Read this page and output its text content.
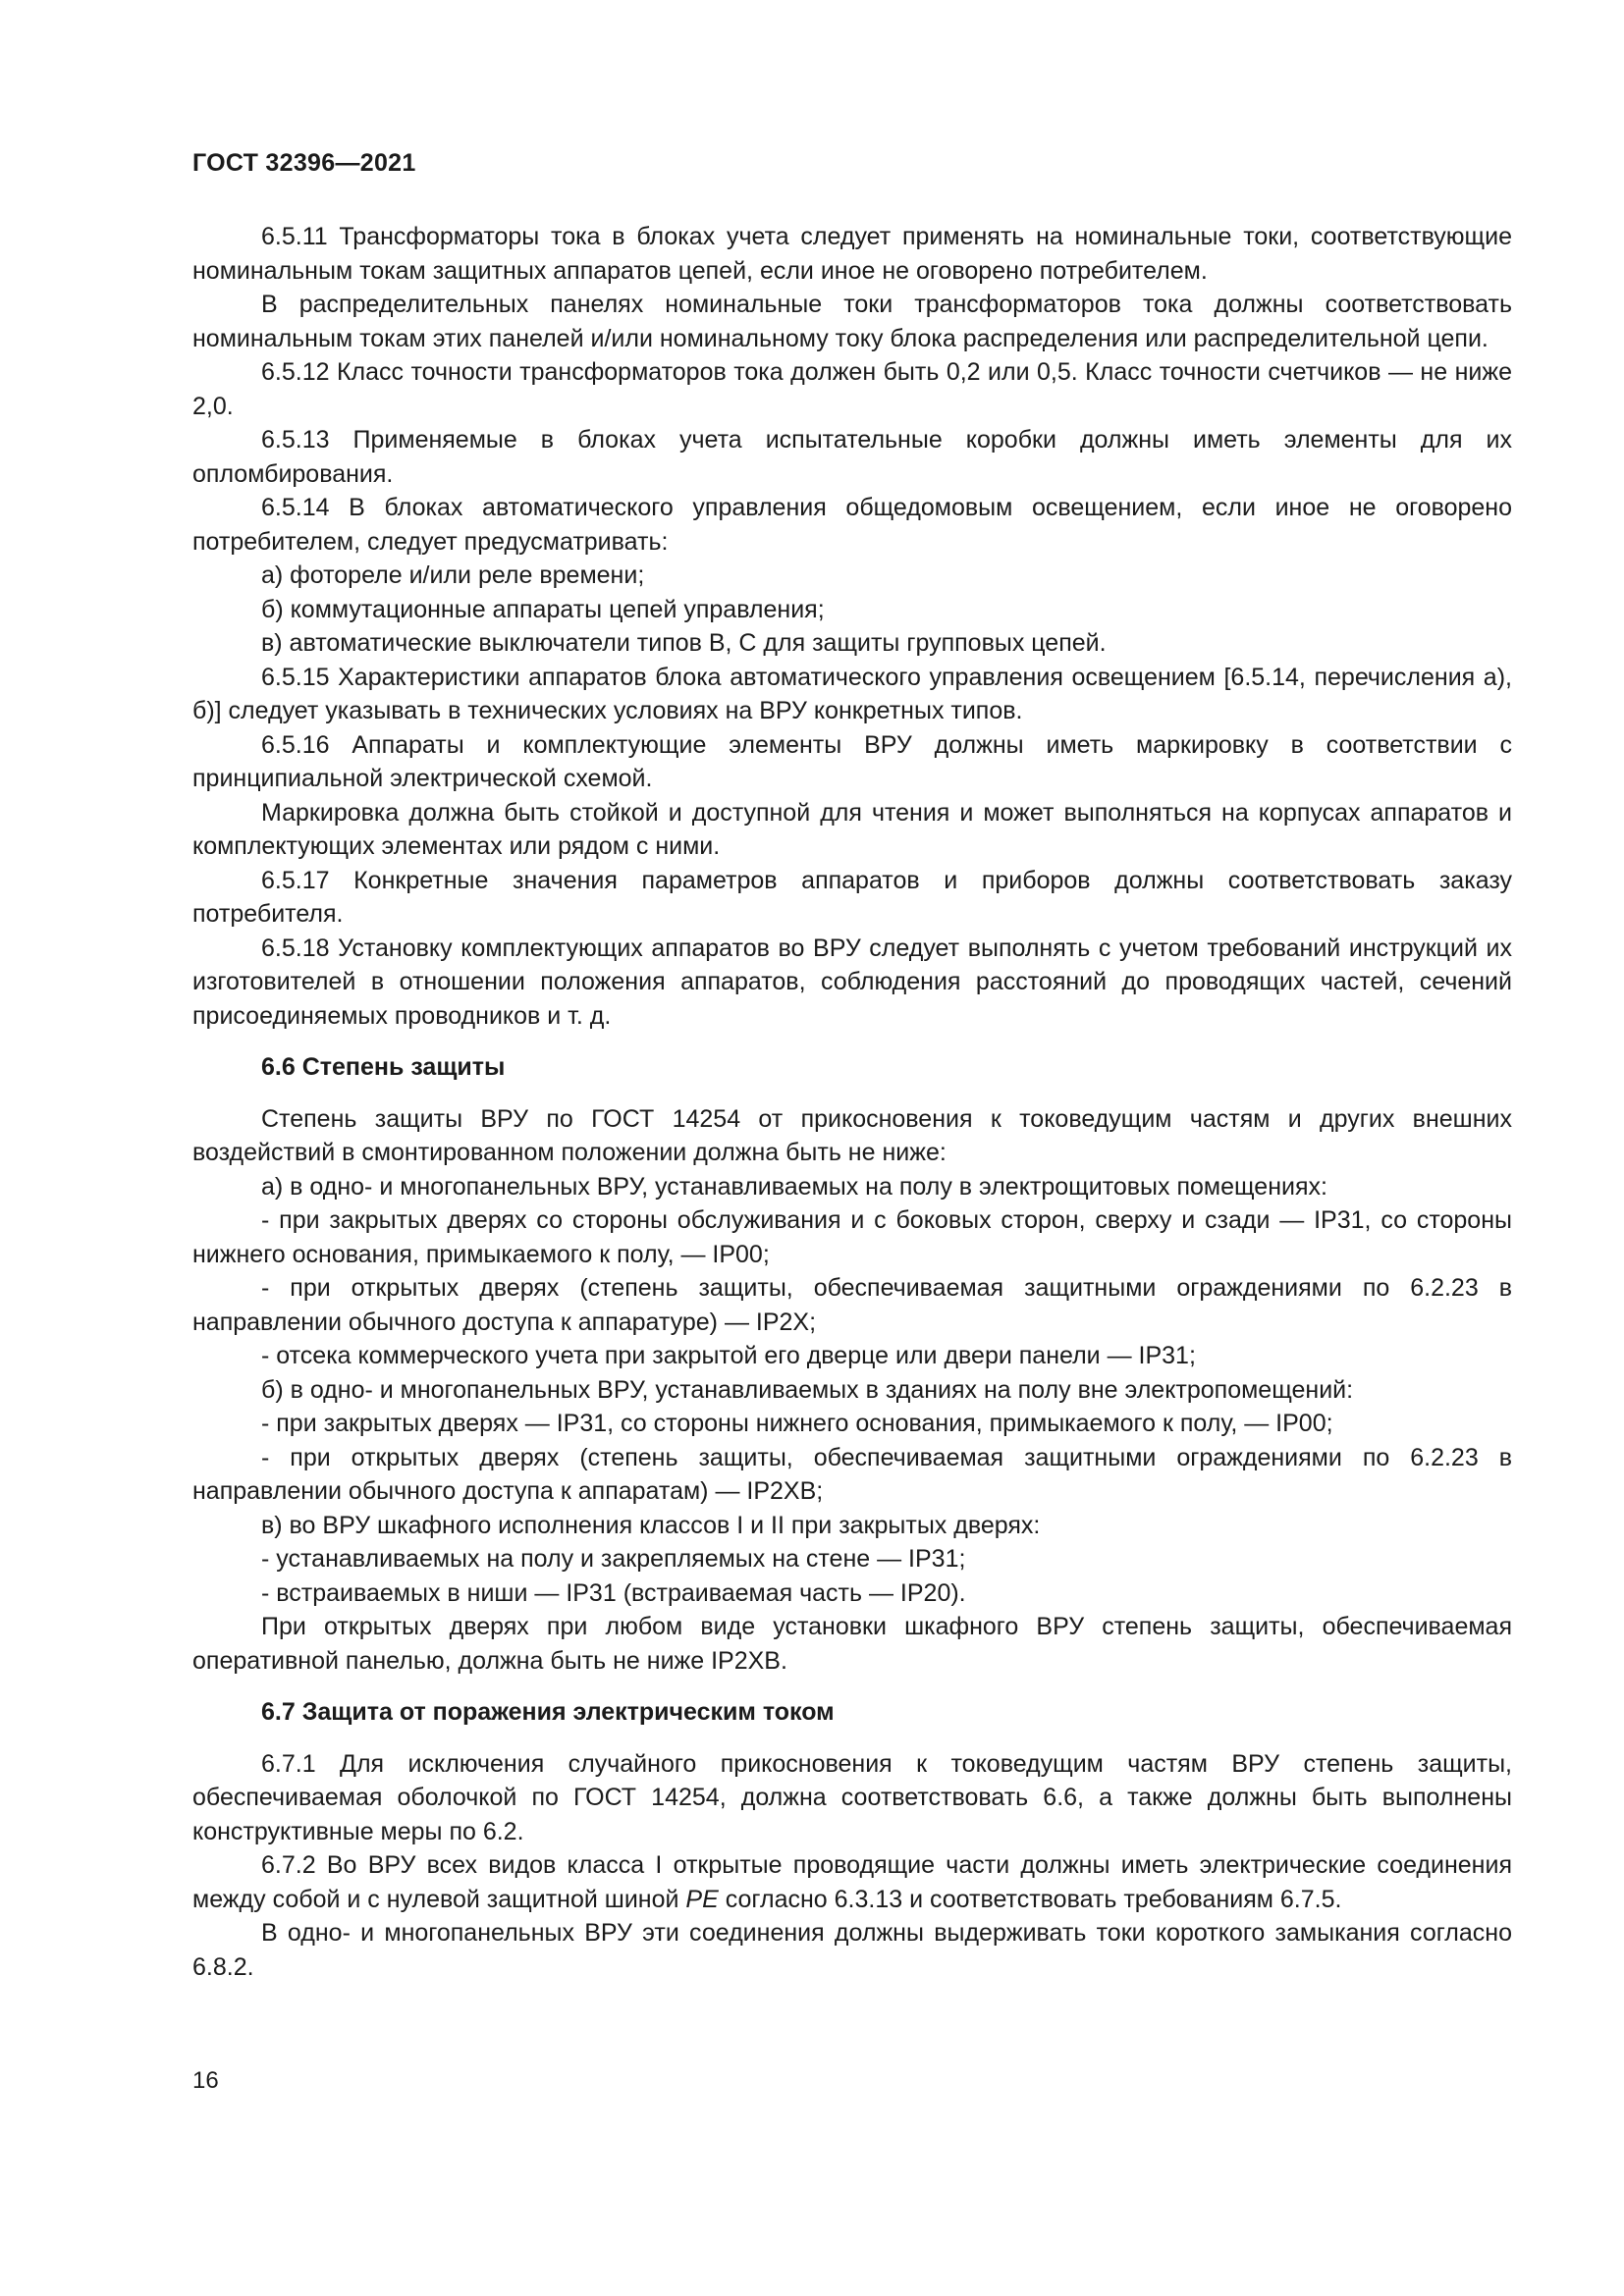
ГОСТ 32396—2021

6.5.11 Трансформаторы тока в блоках учета следует применять на номинальные токи, соответствующие номинальным токам защитных аппаратов цепей, если иное не оговорено потребителем.

В распределительных панелях номинальные токи трансформаторов тока должны соответствовать номинальным токам этих панелей и/или номинальному току блока распределения или распределительной цепи.

6.5.12 Класс точности трансформаторов тока должен быть 0,2 или 0,5. Класс точности счетчиков — не ниже 2,0.

6.5.13 Применяемые в блоках учета испытательные коробки должны иметь элементы для их опломбирования.

6.5.14 В блоках автоматического управления общедомовым освещением, если иное не оговорено потребителем, следует предусматривать:

а) фотореле и/или реле времени;

б) коммутационные аппараты цепей управления;

в) автоматические выключатели типов В, С для защиты групповых цепей.

6.5.15 Характеристики аппаратов блока автоматического управления освещением [6.5.14, перечисления а), б)] следует указывать в технических условиях на ВРУ конкретных типов.

6.5.16 Аппараты и комплектующие элементы ВРУ должны иметь маркировку в соответствии с принципиальной электрической схемой.

Маркировка должна быть стойкой и доступной для чтения и может выполняться на корпусах аппаратов и комплектующих элементах или рядом с ними.

6.5.17 Конкретные значения параметров аппаратов и приборов должны соответствовать заказу потребителя.

6.5.18 Установку комплектующих аппаратов во ВРУ следует выполнять с учетом требований инструкций их изготовителей в отношении положения аппаратов, соблюдения расстояний до проводящих частей, сечений присоединяемых проводников и т. д.

6.6 Степень защиты

Степень защиты ВРУ по ГОСТ 14254 от прикосновения к токоведущим частям и других внешних воздействий в смонтированном положении должна быть не ниже:

а) в одно- и многопанельных ВРУ, устанавливаемых на полу в электрощитовых помещениях:

- при закрытых дверях со стороны обслуживания и с боковых сторон, сверху и сзади — IP31, со стороны нижнего основания, примыкаемого к полу, — IP00;

- при открытых дверях (степень защиты, обеспечиваемая защитными ограждениями по 6.2.23 в направлении обычного доступа к аппаратуре) — IP2X;

- отсека коммерческого учета при закрытой его дверце или двери панели — IP31;

б) в одно- и многопанельных ВРУ, устанавливаемых в зданиях на полу вне электропомещений:

- при закрытых дверях — IP31, со стороны нижнего основания, примыкаемого к полу, — IP00;

- при открытых дверях (степень защиты, обеспечиваемая защитными ограждениями по 6.2.23 в направлении обычного доступа к аппаратам) — IP2XB;

в) во ВРУ шкафного исполнения классов I и II при закрытых дверях:

- устанавливаемых на полу и закрепляемых на стене — IP31;

- встраиваемых в ниши — IP31 (встраиваемая часть — IP20).

При открытых дверях при любом виде установки шкафного ВРУ степень защиты, обеспечиваемая оперативной панелью, должна быть не ниже IP2XB.

6.7 Защита от поражения электрическим током

6.7.1 Для исключения случайного прикосновения к токоведущим частям ВРУ степень защиты, обеспечиваемая оболочкой по ГОСТ 14254, должна соответствовать 6.6, а также должны быть выполнены конструктивные меры по 6.2.

6.7.2 Во ВРУ всех видов класса I открытые проводящие части должны иметь электрические соединения между собой и с нулевой защитной шиной PE согласно 6.3.13 и соответствовать требованиям 6.7.5.

В одно- и многопанельных ВРУ эти соединения должны выдерживать токи короткого замыкания согласно 6.8.2.

16
